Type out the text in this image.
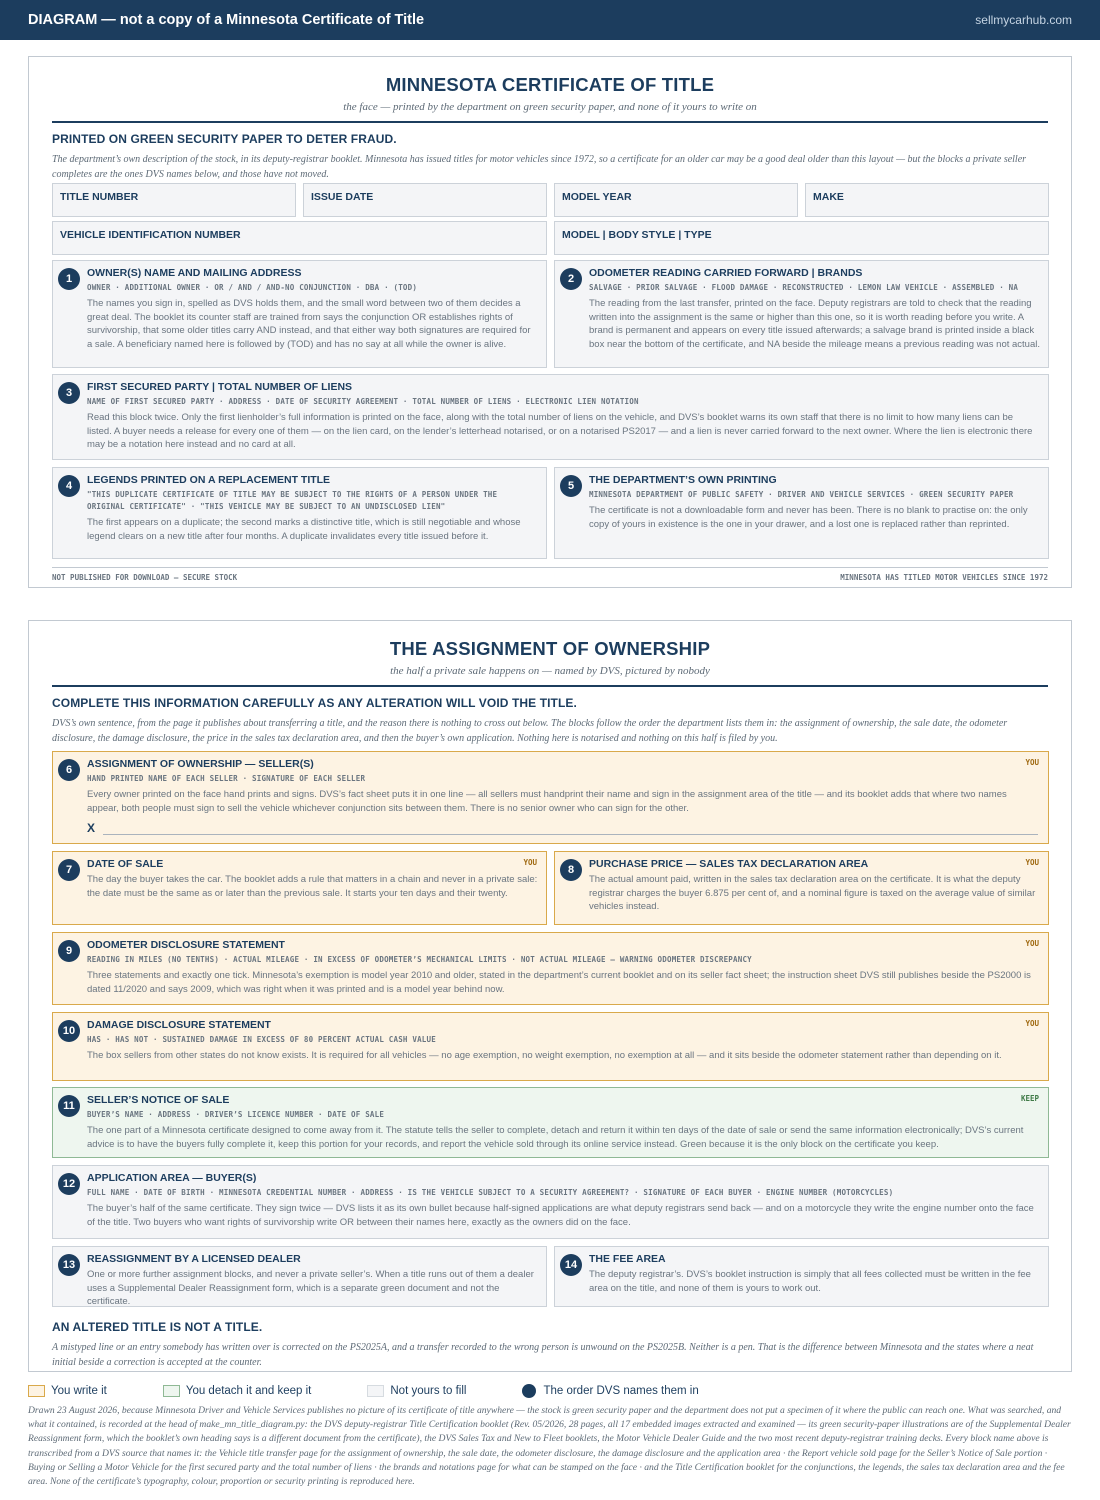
DIAGRAM — not a copy of a Minnesota Certificate of Title	sellmycarhub.com
MINNESOTA CERTIFICATE OF TITLE
the face — printed by the department on green security paper, and none of it yours to write on
PRINTED ON GREEN SECURITY PAPER TO DETER FRAUD.
The department’s own description of the stock, in its deputy-registrar booklet. Minnesota has issued titles for motor vehicles since 1972, so a certificate for an older car may be a good deal older than this layout — but the blocks a private seller completes are the ones DVS names below, and those have not moved.
TITLE NUMBER	ISSUE DATE	MODEL YEAR	MAKE
VEHICLE IDENTIFICATION NUMBER	MODEL | BODY STYLE | TYPE
1	OWNER(S) NAME AND MAILING ADDRESS
OWNER · ADDITIONAL OWNER · OR / AND / AND-NO CONJUNCTION · DBA · (TOD)
The names you sign in, spelled as DVS holds them, and the small word between two of them decides a great deal. The booklet its counter staff are trained from says the conjunction OR establishes rights of survivorship, that some older titles carry AND instead, and that either way both signatures are required for a sale. A beneficiary named here is followed by (TOD) and has no say at all while the owner is alive.
2	ODOMETER READING CARRIED FORWARD | BRANDS
SALVAGE · PRIOR SALVAGE · FLOOD DAMAGE · RECONSTRUCTED · LEMON LAW VEHICLE · ASSEMBLED · NA
The reading from the last transfer, printed on the face. Deputy registrars are told to check that the reading written into the assignment is the same or higher than this one, so it is worth reading before you write. A brand is permanent and appears on every title issued afterwards; a salvage brand is printed inside a black box near the bottom of the certificate, and NA beside the mileage means a previous reading was not actual.
3	FIRST SECURED PARTY | TOTAL NUMBER OF LIENS
NAME OF FIRST SECURED PARTY · ADDRESS · DATE OF SECURITY AGREEMENT · TOTAL NUMBER OF LIENS · ELECTRONIC LIEN NOTATION
Read this block twice. Only the first lienholder’s full information is printed on the face, along with the total number of liens on the vehicle, and DVS’s booklet warns its own staff that there is no limit to how many liens can be listed. A buyer needs a release for every one of them — on the lien card, on the lender’s letterhead notarised, or on a notarised PS2017 — and a lien is never carried forward to the next owner. Where the lien is electronic there may be a notation here instead and no card at all.
4	LEGENDS PRINTED ON A REPLACEMENT TITLE
"THIS DUPLICATE CERTIFICATE OF TITLE MAY BE SUBJECT TO THE RIGHTS OF A PERSON UNDER THE ORIGINAL CERTIFICATE" · "THIS VEHICLE MAY BE SUBJECT TO AN UNDISCLOSED LIEN"
The first appears on a duplicate; the second marks a distinctive title, which is still negotiable and whose legend clears on a new title after four months. A duplicate invalidates every title issued before it.
5	THE DEPARTMENT’S OWN PRINTING
MINNESOTA DEPARTMENT OF PUBLIC SAFETY · DRIVER AND VEHICLE SERVICES · GREEN SECURITY PAPER
The certificate is not a downloadable form and never has been. There is no blank to practise on: the only copy of yours in existence is the one in your drawer, and a lost one is replaced rather than reprinted.
NOT PUBLISHED FOR DOWNLOAD — SECURE STOCK	MINNESOTA HAS TITLED MOTOR VEHICLES SINCE 1972
THE ASSIGNMENT OF OWNERSHIP
the half a private sale happens on — named by DVS, pictured by nobody
COMPLETE THIS INFORMATION CAREFULLY AS ANY ALTERATION WILL VOID THE TITLE.
DVS’s own sentence, from the page it publishes about transferring a title, and the reason there is nothing to cross out below. The blocks follow the order the department lists them in: the assignment of ownership, the sale date, the odometer disclosure, the damage disclosure, the price in the sales tax declaration area, and then the buyer’s own application. Nothing here is notarised and nothing on this half is filed by you.
6
YOU
ASSIGNMENT OF OWNERSHIP — SELLER(S)
HAND PRINTED NAME OF EACH SELLER · SIGNATURE OF EACH SELLER
Every owner printed on the face hand prints and signs. DVS’s fact sheet puts it in one line — all sellers must handprint their name and sign in the assignment area of the title — and its booklet adds that where two names appear, both people must sign to sell the vehicle whichever conjunction sits between them. There is no senior owner who can sign for the other.
X
7
YOU
DATE OF SALE
The day the buyer takes the car. The booklet adds a rule that matters in a chain and never in a private sale: the date must be the same as or later than the previous sale. It starts your ten days and their twenty.
8
YOU
PURCHASE PRICE — SALES TAX DECLARATION AREA
The actual amount paid, written in the sales tax declaration area on the certificate. It is what the deputy registrar charges the buyer 6.875 per cent of, and a nominal figure is taxed on the average value of similar vehicles instead.
9
YOU
ODOMETER DISCLOSURE STATEMENT
READING IN MILES (NO TENTHS) · ACTUAL MILEAGE · IN EXCESS OF ODOMETER’S MECHANICAL LIMITS · NOT ACTUAL MILEAGE — WARNING ODOMETER DISCREPANCY
Three statements and exactly one tick. Minnesota’s exemption is model year 2010 and older, stated in the department’s current booklet and on its seller fact sheet; the instruction sheet DVS still publishes beside the PS2000 is dated 11/2020 and says 2009, which was right when it was printed and is a model year behind now.
10
YOU
DAMAGE DISCLOSURE STATEMENT
HAS · HAS NOT · SUSTAINED DAMAGE IN EXCESS OF 80 PERCENT ACTUAL CASH VALUE
The box sellers from other states do not know exists. It is required for all vehicles — no age exemption, no weight exemption, no exemption at all — and it sits beside the odometer statement rather than depending on it.
11
KEEP
SELLER’S NOTICE OF SALE
BUYER’S NAME · ADDRESS · DRIVER’S LICENCE NUMBER · DATE OF SALE
The one part of a Minnesota certificate designed to come away from it. The statute tells the seller to complete, detach and return it within ten days of the date of sale or send the same information electronically; DVS’s current advice is to have the buyers fully complete it, keep this portion for your records, and report the vehicle sold through its online service instead. Green because it is the only block on the certificate you keep.
12	APPLICATION AREA — BUYER(S)
FULL NAME · DATE OF BIRTH · MINNESOTA CREDENTIAL NUMBER · ADDRESS · IS THE VEHICLE SUBJECT TO A SECURITY AGREEMENT? · SIGNATURE OF EACH BUYER · ENGINE NUMBER (MOTORCYCLES)
The buyer’s half of the same certificate. They sign twice — DVS lists it as its own bullet because half-signed applications are what deputy registrars send back — and on a motorcycle they write the engine number onto the face of the title. Two buyers who want rights of survivorship write OR between their names here, exactly as the owners did on the face.
13	REASSIGNMENT BY A LICENSED DEALER
One or more further assignment blocks, and never a private seller’s. When a title runs out of them a dealer uses a Supplemental Dealer Reassignment form, which is a separate green document and not the certificate.
14	THE FEE AREA
The deputy registrar’s. DVS’s booklet instruction is simply that all fees collected must be written in the fee area on the title, and none of them is yours to work out.
AN ALTERED TITLE IS NOT A TITLE.
A mistyped line or an entry somebody has written over is corrected on the PS2025A, and a transfer recorded to the wrong person is unwound on the PS2025B. Neither is a pen. That is the difference between Minnesota and the states where a neat initial beside a correction is accepted at the counter.
You write it	You detach it and keep it	Not yours to fill	The order DVS names them in
Drawn 23 August 2026, because Minnesota Driver and Vehicle Services publishes no picture of its certificate of title anywhere — the stock is green security paper and the department does not put a specimen of it where the public can reach one. What was searched, and what it contained, is recorded at the head of make_mn_title_diagram.py: the DVS deputy-registrar Title Certification booklet (Rev. 05/2026, 28 pages, all 17 embedded images extracted and examined — its green security-paper illustrations are of the Supplemental Dealer Reassignment form, which the booklet’s own heading says is a different document from the certificate), the DVS Sales Tax and New to Fleet booklets, the Motor Vehicle Dealer Guide and the two most recent deputy-registrar training decks. Every block name above is transcribed from a DVS source that names it: the Vehicle title transfer page for the assignment of ownership, the sale date, the odometer disclosure, the damage disclosure and the application area · the Report vehicle sold page for the Seller’s Notice of Sale portion · Buying or Selling a Motor Vehicle for the first secured party and the total number of liens · the brands and notations page for what can be stamped on the face · and the Title Certification booklet for the conjunctions, the legends, the sales tax declaration area and the fee area. None of the certificate’s typography, colour, proportion or security printing is reproduced here.
